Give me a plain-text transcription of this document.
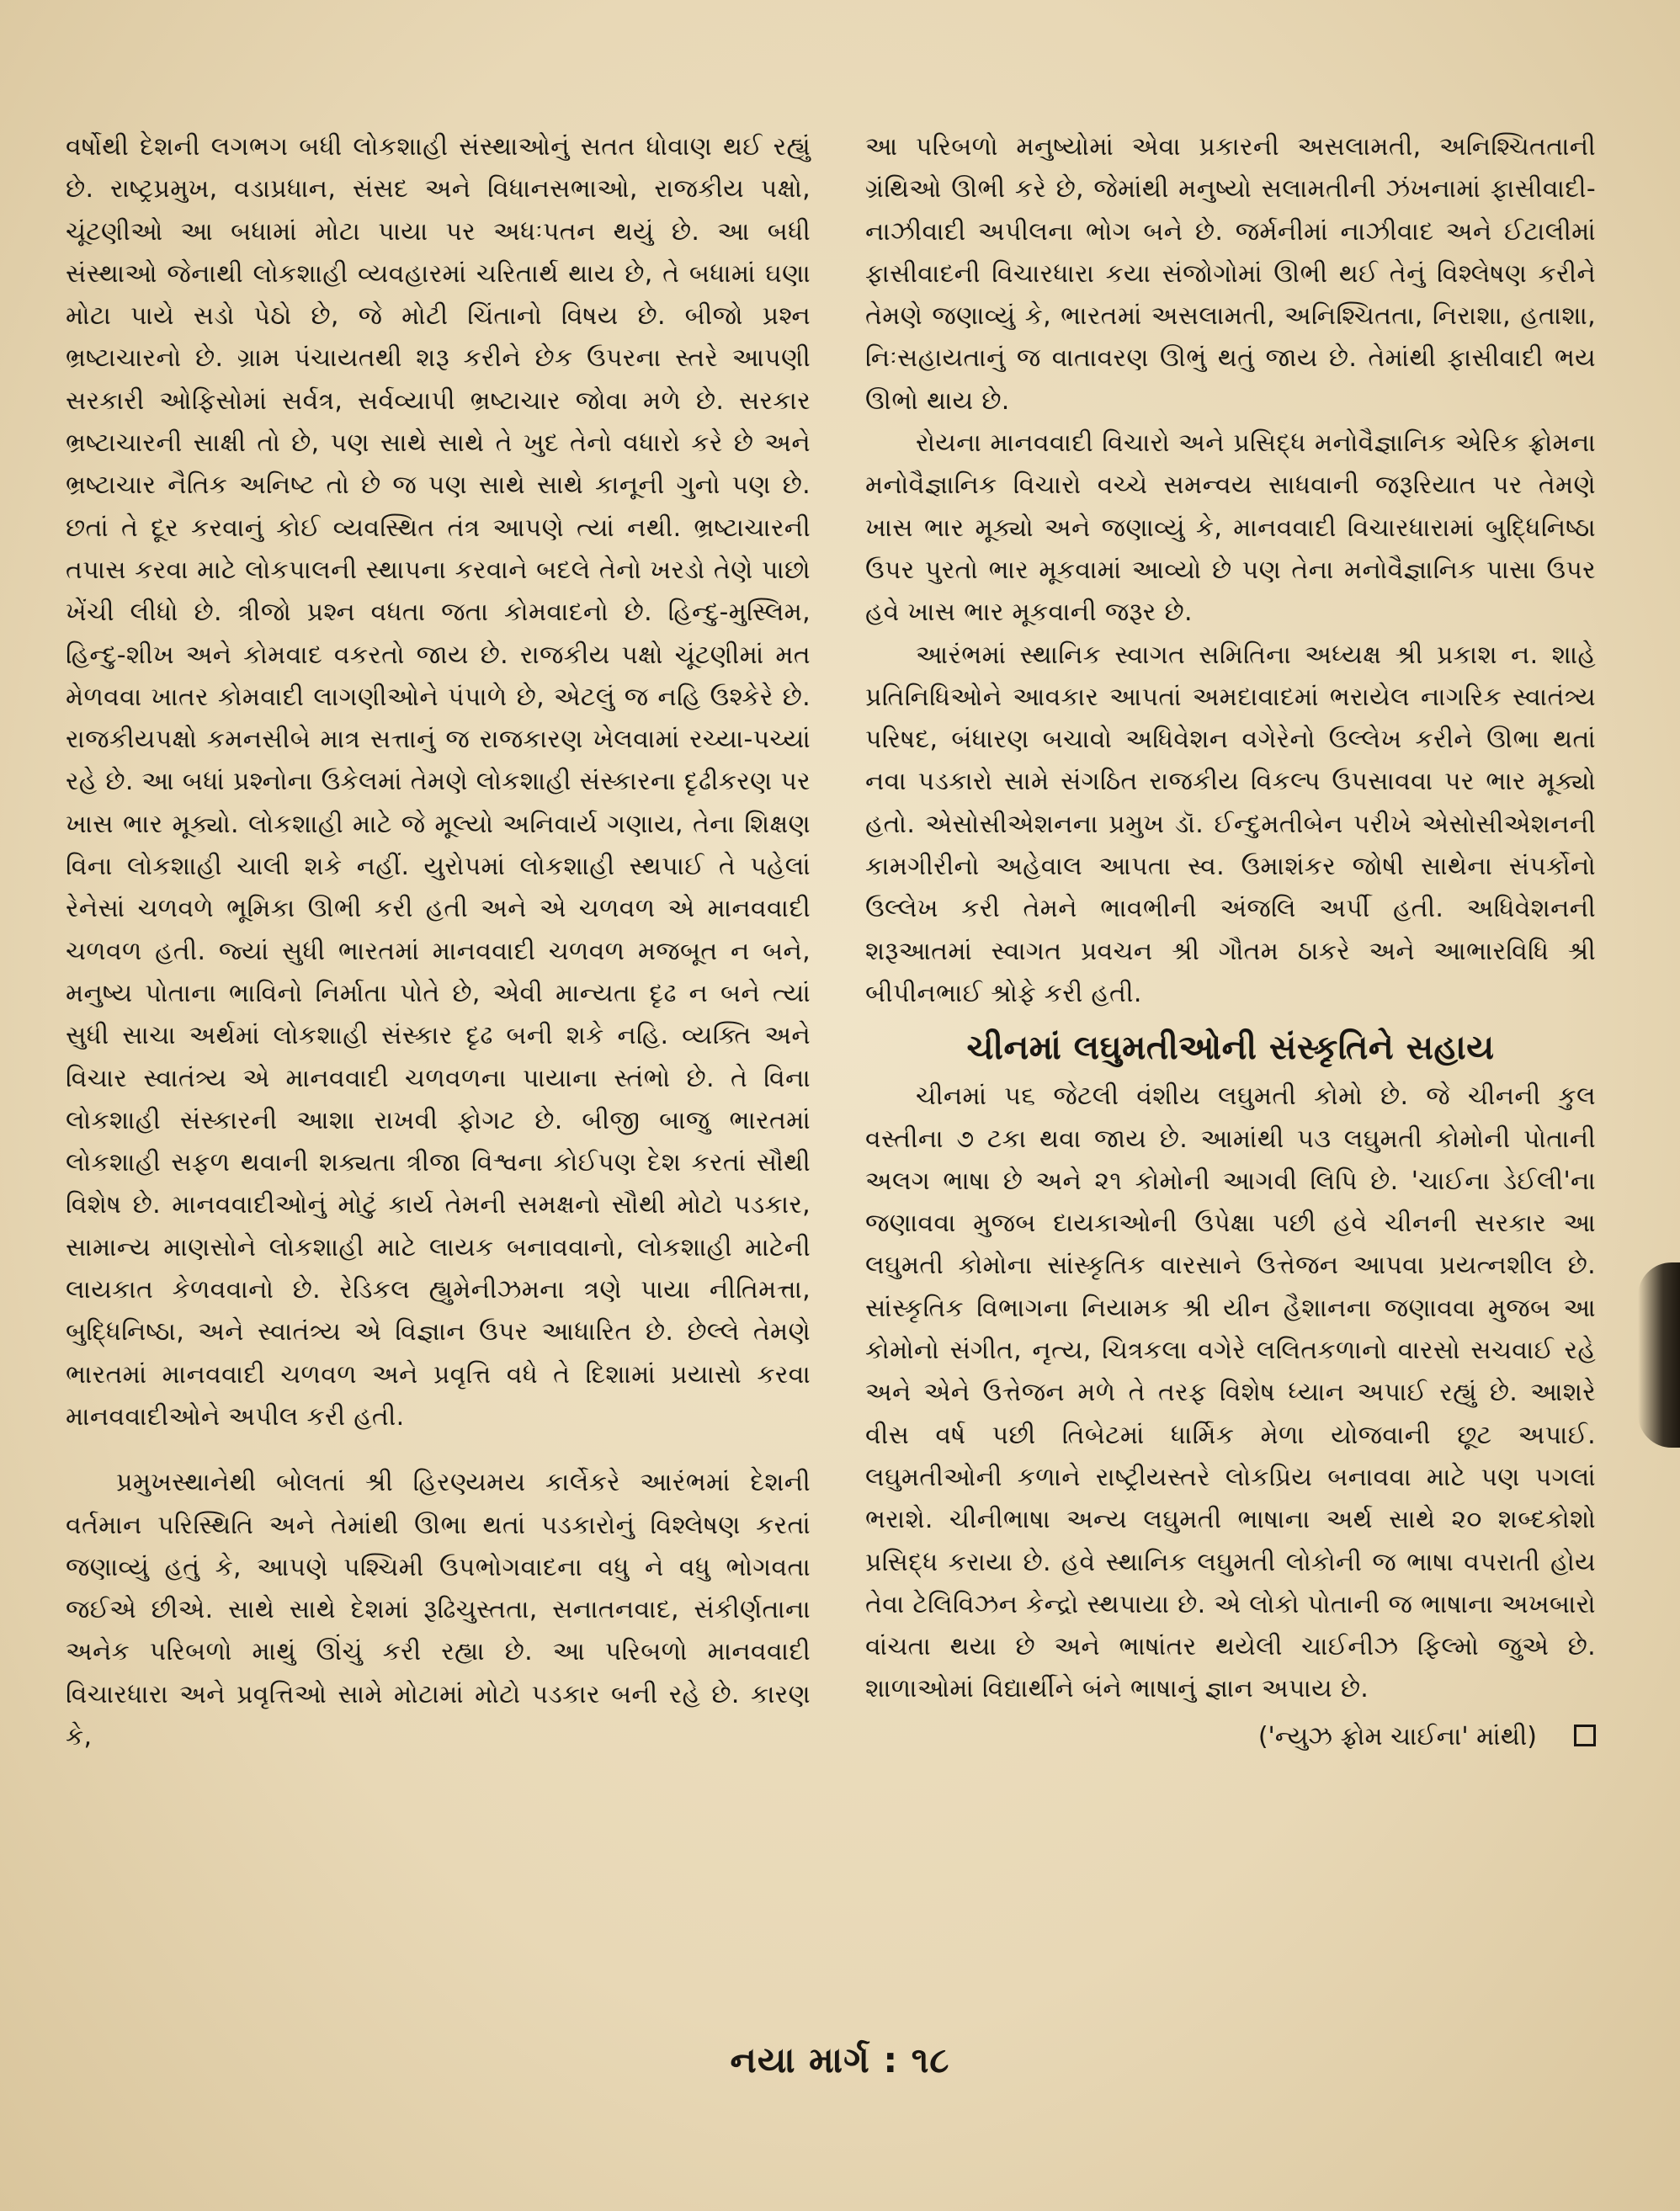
વર્ષોથી દેશની લગભગ બધી લોકશાહી સંસ્થાઓનું સતત ધોવાણ થઈ રહ્યું છે. રાષ્ટ્રપ્રમુખ, વડાપ્રધાન, સંસદ અને વિધાનસભાઓ, રાજકીય પક્ષો, ચૂંટણીઓ આ બધામાં મોટા પાયા પર અધઃપતન થયું છે. આ બધી સંસ્થાઓ જેનાથી લોકશાહી વ્યવહારમાં ચરિતાર્થ થાય છે, તે બધામાં ઘણા મોટા પાયે સડો પેઠો છે, જે મોટી ચિંતાનો વિષય છે. બીજો પ્રશ્ન ભ્રષ્ટાચારનો છે. ગ્રામ પંચાયતથી શરૂ કરીને છેક ઉપરના સ્તરે આપણી સરકારી ઓફિસોમાં સર્વત્ર, સર્વવ્યાપી ભ્રષ્ટાચાર જોવા મળે છે. સરકાર ભ્રષ્ટાચારની સાક્ષી તો છે, પણ સાથે સાથે તે ખુદ તેનો વધારો કરે છે અને ભ્રષ્ટાચાર નૈતિક અનિષ્ટ તો છે જ પણ સાથે સાથે કાનૂની ગુનો પણ છે. છતાં તે દૂર કરવાનું કોઈ વ્યવસ્થિત તંત્ર આપણે ત્યાં નથી. ભ્રષ્ટાચારની તપાસ કરવા માટે લોકપાલની સ્થાપના કરવાને બદલે તેનો ખરડો તેણે પાછો ખેંચી લીધો છે. ત્રીજો પ્રશ્ન વધતા જતા કોમવાદનો છે. હિન્દુ-મુસ્લિમ, હિન્દુ-શીખ અને કોમવાદ વકરતો જાય છે. રાજકીય પક્ષો ચૂંટણીમાં મત મેળવવા ખાતર કોમવાદી લાગણીઓને પંપાળે છે, એટલું જ નહિ ઉશ્કેરે છે. રાજકીયપક્ષો કમનસીબે માત્ર સત્તાનું જ રાજકારણ ખેલવામાં રચ્યા-પચ્યાં રહે છે. આ બધાં પ્રશ્નોના ઉકેલમાં તેમણે લોકશાહી સંસ્કારના દૃઢીકરણ પર ખાસ ભાર મૂક્યો. લોકશાહી માટે જે મૂલ્યો અનિવાર્ય ગણાય, તેના શિક્ષણ વિના લોકશાહી ચાલી શકે નહીં. યુરોપમાં લોકશાહી સ્થપાઈ તે પહેલાં રેનેસાં ચળવળે ભૂમિકા ઊભી કરી હતી અને એ ચળવળ એ માનવવાદી ચળવળ હતી. જ્યાં સુધી ભારતમાં માનવવાદી ચળવળ મજબૂત ન બને, મનુષ્ય પોતાના ભાવિનો નિર્માતા પોતે છે, એવી માન્યતા દૃઢ ન બને ત્યાં સુધી સાચા અર્થમાં લોકશાહી સંસ્કાર દૃઢ બની શકે નહિ. વ્યક્તિ અને વિચાર સ્વાતંત્ર્ય એ માનવવાદી ચળવળના પાયાના સ્તંભો છે. તે વિના લોકશાહી સંસ્કારની આશા રાખવી ફોગટ છે. બીજી બાજુ ભારતમાં લોકશાહી સફળ થવાની શક્યતા ત્રીજા વિશ્વના કોઈપણ દેશ કરતાં સૌથી વિશેષ છે. માનવવાદીઓનું મોટું કાર્ય તેમની સમક્ષનો સૌથી મોટો પડકાર, સામાન્ય માણસોને લોકશાહી માટે લાયક બનાવવાનો, લોકશાહી માટેની લાયકાત કેળવવાનો છે. રેડિકલ હ્યુમેનીઝમના ત્રણે પાયા નીતિમત્તા, બુદ્ધિનિષ્ઠા, અને સ્વાતંત્ર્ય એ વિજ્ઞાન ઉપર આધારિત છે. છેલ્લે તેમણે ભારતમાં માનવવાદી ચળવળ અને પ્રવૃત્તિ વધે તે દિશામાં પ્રયાસો કરવા માનવવાદીઓને અપીલ કરી હતી.

પ્રમુખસ્થાનેથી બોલતાં શ્રી હિરણ્યમય કાર્લેકરે આરંભમાં દેશની વર્તમાન પરિસ્થિતિ અને તેમાંથી ઊભા થતાં પડકારોનું વિશ્લેષણ કરતાં જણાવ્યું હતું કે, આપણે પશ્ચિમી ઉપભોગવાદના વધુ ને વધુ ભોગવતા જઈએ છીએ. સાથે સાથે દેશમાં રૂઢિચુસ્તતા, સનાતનવાદ, સંકીર્ણતાના અનેક પરિબળો માથું ઊંચું કરી રહ્યા છે. આ પરિબળો માનવવાદી વિચારધારા અને પ્રવૃત્તિઓ સામે મોટામાં મોટો પડકાર બની રહે છે. કારણ કે,

આ પરિબળો મનુષ્યોમાં એવા પ્રકારની અસલામતી, અનિશ્ચિતતાની ગ્રંથિઓ ઊભી કરે છે, જેમાંથી મનુષ્યો સલામતીની ઝંખનામાં ફાસીવાદી-નાઝીવાદી અપીલના ભોગ બને છે. જર્મનીમાં નાઝીવાદ અને ઈટાલીમાં ફાસીવાદની વિચારધારા કયા સંજોગોમાં ઊભી થઈ તેનું વિશ્લેષણ કરીને તેમણે જણાવ્યું કે, ભારતમાં અસલામતી, અનિશ્ચિતતા, નિરાશા, હતાશા, નિઃસહાયતાનું જ વાતાવરણ ઊભું થતું જાય છે. તેમાંથી ફાસીવાદી ભય ઊભો થાય છે.

રોયના માનવવાદી વિચારો અને પ્રસિદ્ધ મનોવૈજ્ઞાનિક એરિક ફ્રોમના મનોવૈજ્ઞાનિક વિચારો વચ્ચે સમન્વય સાધવાની જરૂરિયાત પર તેમણે ખાસ ભાર મૂક્યો અને જણાવ્યું કે, માનવવાદી વિચારધારામાં બુદ્ધિનિષ્ઠા ઉપર પુરતો ભાર મૂકવામાં આવ્યો છે પણ તેના મનોવૈજ્ઞાનિક પાસા ઉપર હવે ખાસ ભાર મૂકવાની જરૂર છે.

આરંભમાં સ્થાનિક સ્વાગત સમિતિના અધ્યક્ષ શ્રી પ્રકાશ ન. શાહે પ્રતિનિધિઓને આવકાર આપતાં અમદાવાદમાં ભરાયેલ નાગરિક સ્વાતંત્ર્ય પરિષદ, બંધારણ બચાવો અધિવેશન વગેરેનો ઉલ્લેખ કરીને ઊભા થતાં નવા પડકારો સામે સંગઠિત રાજકીય વિકલ્પ ઉપસાવવા પર ભાર મૂક્યો હતો. એસોસીએશનના પ્રમુખ ડૉ. ઈન્દુમતીબેન પરીખે એસોસીએશનની કામગીરીનો અહેવાલ આપતા સ્વ. ઉમાશંકર જોષી સાથેના સંપર્કોનો ઉલ્લેખ કરી તેમને ભાવભીની અંજલિ અર્પી હતી. અધિવેશનની શરૂઆતમાં સ્વાગત પ્રવચન શ્રી ગૌતમ ઠાકરે અને આભારવિધિ શ્રી બીપીનભાઈ શ્રોફે કરી હતી.

ચીનમાં લઘુમતીઓની સંસ્કૃતિને સહાય

ચીનમાં ૫૬ જેટલી વંશીય લઘુમતી કોમો છે. જે ચીનની કુલ વસ્તીના ૭ ટકા થવા જાય છે. આમાંથી ૫૩ લઘુમતી કોમોની પોતાની અલગ ભાષા છે અને ૨૧ કોમોની આગવી લિપિ છે. 'ચાઈના ડેઈલી'ના જણાવવા મુજબ દાયકાઓની ઉપેક્ષા પછી હવે ચીનની સરકાર આ લઘુમતી કોમોના સાંસ્કૃતિક વારસાને ઉત્તેજન આપવા પ્રયત્નશીલ છે. સાંસ્કૃતિક વિભાગના નિયામક શ્રી યીન હૈશાનના જણાવવા મુજબ આ કોમોનો સંગીત, નૃત્ય, ચિત્રકલા વગેરે લલિતકળાનો વારસો સચવાઈ રહે અને એને ઉત્તેજન મળે તે તરફ વિશેષ ધ્યાન અપાઈ રહ્યું છે. આશરે વીસ વર્ષ પછી તિબેટમાં ધાર્મિક મેળા યોજવાની છૂટ અપાઈ. લઘુમતીઓની કળાને રાષ્ટ્રીયસ્તરે લોકપ્રિય બનાવવા માટે પણ પગલાં ભરાશે. ચીનીભાષા અન્ય લઘુમતી ભાષાના અર્થ સાથે ૨૦ શબ્દકોશો પ્રસિદ્ધ કરાયા છે. હવે સ્થાનિક લઘુમતી લોકોની જ ભાષા વપરાતી હોય તેવા ટેલિવિઝન કેન્દ્રો સ્થપાયા છે. એ લોકો પોતાની જ ભાષાના અખબારો વાંચતા થયા છે અને ભાષાંતર થયેલી ચાઈનીઝ ફિલ્મો જુએ છે. શાળાઓમાં વિદ્યાર્થીને બંને ભાષાનું જ્ઞાન અપાય છે.

('ન્યુઝ ફ્રોમ ચાઈના' માંથી)
નયા માર્ગ : ૧૮
